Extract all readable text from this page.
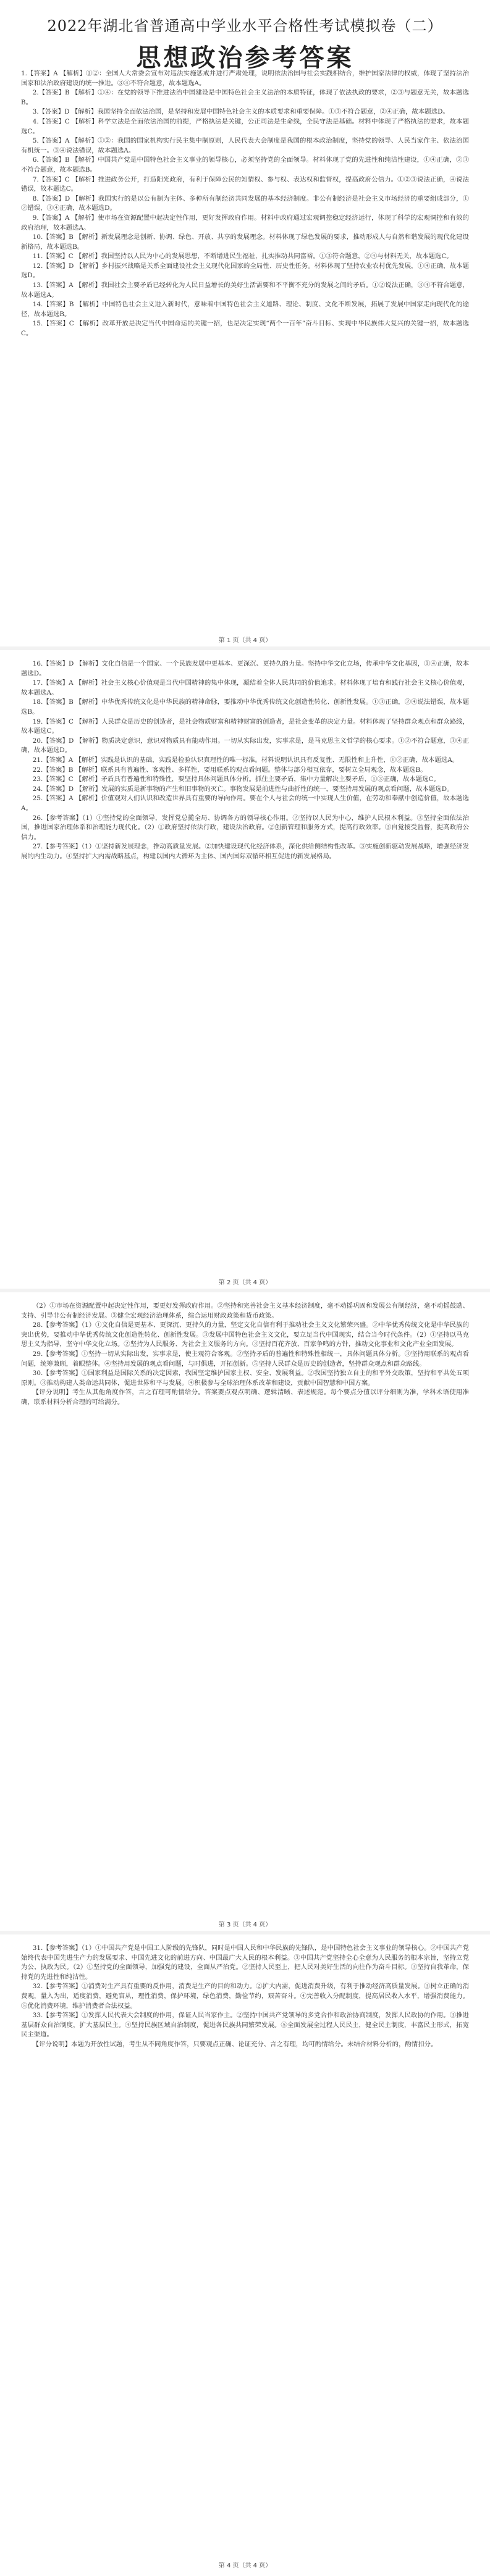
2022年湖北省普通高中学业水平合格性考试模拟卷（二）
思想政治参考答案

1.【答案】A 【解析】①②：全国人大常委会宣布对违法实施惩戒并进行严肃处理，说明依法治国与社会实践相结合，维护国家法律的权威，体现了坚持法治国家和法治政府建设的统一推进。③④不符合题意，故本题选A。

2.【答案】B 【解析】①④：在党的领导下推进法治中国建设是中国特色社会主义法治的本质特征，体现了依法执政的要求，②③与题意无关，故本题选B。

3.【答案】D 【解析】我国坚持全面依法治国，是坚持和发展中国特色社会主义的本质要求和重要保障。①③不符合题意，②④正确，故本题选D。

4.【答案】C 【解析】科学立法是全面依法治国的前提，严格执法是关键，公正司法是生命线，全民守法是基础。材料中体现了严格执法的要求，故本题选C。

5.【答案】A 【解析】①②：我国的国家机构实行民主集中制原则，人民代表大会制度是我国的根本政治制度，坚持党的领导、人民当家作主、依法治国有机统一。③④说法错误，故本题选A。

6.【答案】B 【解析】中国共产党是中国特色社会主义事业的领导核心，必须坚持党的全面领导。材料体现了党的先进性和纯洁性建设，①④正确，②③不符合题意，故本题选B。

7.【答案】C 【解析】推进政务公开，打造阳光政府，有利于保障公民的知情权、参与权、表达权和监督权，提高政府公信力。①②③说法正确，④说法错误，故本题选C。

8.【答案】D 【解析】我国实行的是以公有制为主体、多种所有制经济共同发展的基本经济制度。非公有制经济是社会主义市场经济的重要组成部分，①②错误，③④正确，故本题选D。

9.【答案】A 【解析】使市场在资源配置中起决定性作用，更好发挥政府作用。材料中政府通过宏观调控稳定经济运行，体现了科学的宏观调控和有效的政府治理，故本题选A。

10.【答案】B 【解析】新发展理念是创新、协调、绿色、开放、共享的发展理念。材料体现了绿色发展的要求，推动形成人与自然和谐发展的现代化建设新格局，故本题选B。

11.【答案】C 【解析】我国坚持以人民为中心的发展思想，不断增进民生福祉，扎实推动共同富裕。①③符合题意，②④与材料无关，故本题选C。

12.【答案】D 【解析】乡村振兴战略是关系全面建设社会主义现代化国家的全局性、历史性任务。材料体现了坚持农业农村优先发展，①④正确，故本题选D。

13.【答案】A 【解析】我国社会主要矛盾已经转化为人民日益增长的美好生活需要和不平衡不充分的发展之间的矛盾。①②说法正确，③④不符合题意，故本题选A。

14.【答案】B 【解析】中国特色社会主义进入新时代，意味着中国特色社会主义道路、理论、制度、文化不断发展，拓展了发展中国家走向现代化的途径，故本题选B。

15.【答案】C 【解析】改革开放是决定当代中国命运的关键一招，也是决定实现“两个一百年”奋斗目标、实现中华民族伟大复兴的关键一招，故本题选C。

第 1 页（共 4 页）

16.【答案】D 【解析】文化自信是一个国家、一个民族发展中更基本、更深沉、更持久的力量。坚持中华文化立场，传承中华文化基因，①④正确，故本题选D。

17.【答案】A 【解析】社会主义核心价值观是当代中国精神的集中体现，凝结着全体人民共同的价值追求。材料体现了培育和践行社会主义核心价值观，故本题选A。

18.【答案】B 【解析】中华优秀传统文化是中华民族的精神命脉，要推动中华优秀传统文化创造性转化、创新性发展。①③正确，②④说法错误，故本题选B。

19.【答案】C 【解析】人民群众是历史的创造者，是社会物质财富和精神财富的创造者，是社会变革的决定力量。材料体现了坚持群众观点和群众路线，故本题选C。

20.【答案】D 【解析】物质决定意识，意识对物质具有能动作用。一切从实际出发，实事求是，是马克思主义哲学的核心要求。①②不符合题意，③④正确，故本题选D。

21.【答案】A 【解析】实践是认识的基础，实践是检验认识真理性的唯一标准。材料说明认识具有反复性、无限性和上升性，①②正确，故本题选A。

22.【答案】B 【解析】联系具有普遍性、客观性、多样性，要用联系的观点看问题。整体与部分相互依存，要树立全局观念，故本题选B。

23.【答案】C 【解析】矛盾具有普遍性和特殊性，要坚持具体问题具体分析。抓住主要矛盾，集中力量解决主要矛盾，①③正确，故本题选C。

24.【答案】D 【解析】发展的实质是新事物的产生和旧事物的灭亡。事物发展是前进性与曲折性的统一，要坚持用发展的观点看问题，故本题选D。

25.【答案】A 【解析】价值观对人们认识和改造世界具有重要的导向作用。要在个人与社会的统一中实现人生价值，在劳动和奉献中创造价值，故本题选A。

26.【参考答案】（1）①坚持党的全面领导，发挥党总揽全局、协调各方的领导核心作用。②坚持以人民为中心，维护人民根本利益。③坚持全面依法治国，推进国家治理体系和治理能力现代化。（2）①政府坚持依法行政，建设法治政府。②创新管理和服务方式，提高行政效率。③自觉接受监督，提高政府公信力。

27.【参考答案】（1）①坚持新发展理念，推动高质量发展。②加快建设现代化经济体系，深化供给侧结构性改革。③实施创新驱动发展战略，增强经济发展的内生动力。④坚持扩大内需战略基点，构建以国内大循环为主体、国内国际双循环相互促进的新发展格局。

第 2 页（共 4 页）

（2）①市场在资源配置中起决定性作用，要更好发挥政府作用。②坚持和完善社会主义基本经济制度，毫不动摇巩固和发展公有制经济，毫不动摇鼓励、支持、引导非公有制经济发展。③健全宏观经济治理体系，综合运用财政政策和货币政策。

28.【参考答案】（1）①文化自信是更基本、更深沉、更持久的力量，坚定文化自信有利于推动社会主义文化繁荣兴盛。②中华优秀传统文化是中华民族的突出优势，要推动中华优秀传统文化创造性转化、创新性发展。③发展中国特色社会主义文化，要立足当代中国现实，结合当今时代条件。（2）①坚持以马克思主义为指导，坚守中华文化立场。②坚持为人民服务、为社会主义服务的方向。③坚持百花齐放、百家争鸣的方针，推动文化事业和文化产业全面发展。

29.【参考答案】①坚持一切从实际出发，实事求是，使主观符合客观。②坚持矛盾的普遍性和特殊性相统一，具体问题具体分析。③坚持用联系的观点看问题，统筹兼顾，着眼整体。④坚持用发展的观点看问题，与时俱进，开拓创新。⑤坚持人民群众是历史的创造者，坚持群众观点和群众路线。

30.【参考答案】①国家利益是国际关系的决定因素，我国坚定维护国家主权、安全、发展利益。②我国坚持独立自主的和平外交政策，坚持和平共处五项原则。③推动构建人类命运共同体，促进世界和平与发展。④积极参与全球治理体系改革和建设，贡献中国智慧和中国方案。

【评分说明】考生从其他角度作答，言之有理可酌情给分。答案要点观点明确、逻辑清晰、表述规范。每个要点分值以评分细则为准，学科术语使用准确，联系材料分析合理的可给满分。

第 3 页（共 4 页）

31.【参考答案】（1）①中国共产党是中国工人阶级的先锋队，同时是中国人民和中华民族的先锋队，是中国特色社会主义事业的领导核心。②中国共产党始终代表中国先进生产力的发展要求、中国先进文化的前进方向、中国最广大人民的根本利益。③中国共产党坚持全心全意为人民服务的根本宗旨，坚持立党为公、执政为民。（2）①坚持党的全面领导，加强党的建设，全面从严治党。②坚持人民至上，把人民对美好生活的向往作为奋斗目标。③坚持自我革命，保持党的先进性和纯洁性。

32.【参考答案】①消费对生产具有重要的反作用，消费是生产的目的和动力。②扩大内需，促进消费升级，有利于推动经济高质量发展。③树立正确的消费观，量入为出，适度消费，避免盲从，理性消费，保护环境，绿色消费，勤俭节约，艰苦奋斗。④完善收入分配制度，提高居民收入水平，增强消费能力。⑤优化消费环境，维护消费者合法权益。

33.【参考答案】①发挥人民代表大会制度的作用，保证人民当家作主。②坚持中国共产党领导的多党合作和政治协商制度，发挥人民政协的作用。③推进基层群众自治制度，扩大基层民主。④坚持民族区域自治制度，促进各民族共同繁荣发展。⑤全面发展全过程人民民主，健全民主制度，丰富民主形式，拓宽民主渠道。

【评分说明】本题为开放性试题，考生从不同角度作答，只要观点正确、论证充分、言之有理，均可酌情给分。未结合材料分析的，酌情扣分。

第 4 页（共 4 页）
